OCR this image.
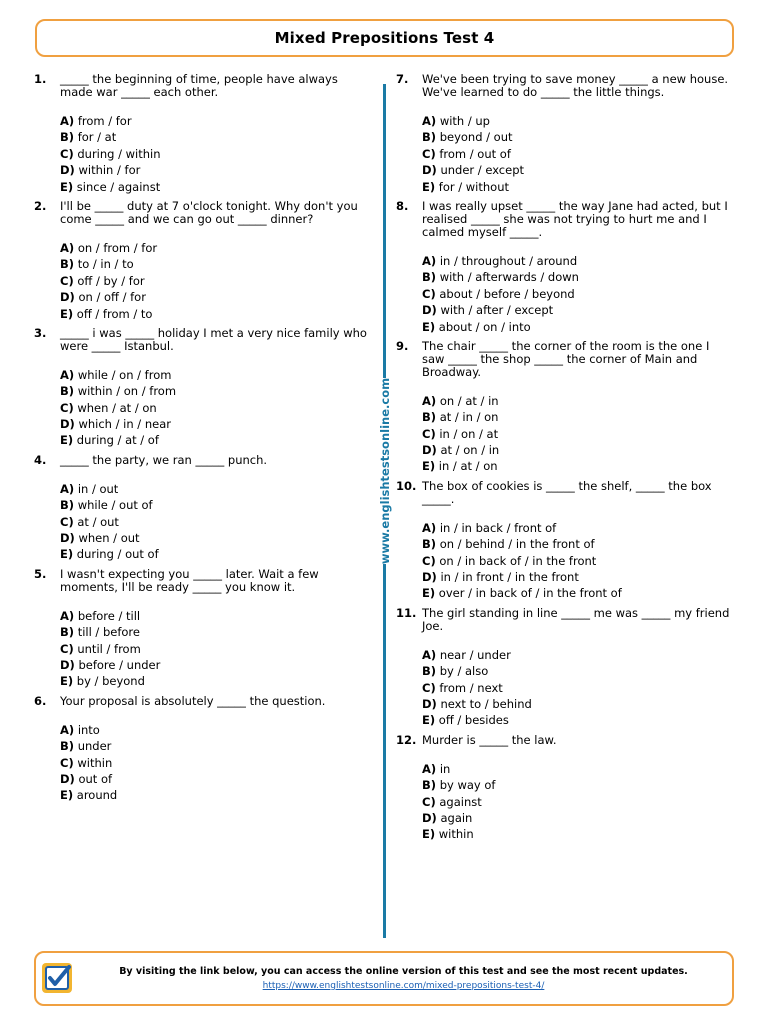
Mixed Prepositions Test 4
1.	_____ the beginning of time, people have always
made war _____ each other.
A) from / for
B) for / at
C) during / within
D) within / for
E) since / against
2.	I'll be _____ duty at 7 o'clock tonight. Why don't you
come _____ and we can go out _____ dinner?
A) on / from / for
B) to / in / to
C) off / by / for
D) on / off / for
E) off / from / to
3.	_____ i was _____ holiday I met a very nice family who
were _____ Istanbul.
A) while / on / from
B) within / on / from
C) when / at / on
D) which / in / near
E) during / at / of
4.	_____ the party, we ran _____ punch.
A) in / out
B) while / out of
C) at / out
D) when / out
E) during / out of
5.	I wasn't expecting you _____ later. Wait a few
moments, I'll be ready _____ you know it.
A) before / till
B) till / before
C) until / from
D) before / under
E) by / beyond
6.	Your proposal is absolutely _____ the question.
A) into
B) under
C) within
D) out of
E) around
7.	We've been trying to save money _____ a new house.
We've learned to do _____ the little things.
A) with / up
B) beyond / out
C) from / out of
D) under / except
E) for / without
8.	I was really upset _____ the way Jane had acted, but I
realised _____ she was not trying to hurt me and I
calmed myself _____.
A) in / throughout / around
B) with / afterwards / down
C) about / before / beyond
D) with / after / except
E) about / on / into
9.	The chair _____ the corner of the room is the one I
saw _____ the shop _____ the corner of Main and
Broadway.
A) on / at / in
B) at / in / on
C) in / on / at
D) at / on / in
E) in / at / on
10. The box of cookies is _____ the shelf, _____ the box
_____.
A) in / in back / front of
B) on / behind / in the front of
C) on / in back of / in the front
D) in / in front / in the front
E) over / in back of / in the front of
11. The girl standing in line _____ me was _____ my friend
Joe.
A) near / under
B) by / also
C) from / next
D) next to / behind
E) off / besides
12. Murder is _____ the law.
A) in
B) by way of
C) against
D) again
E) within
www.englishtestsonline.com
By visiting the link below, you can access the online version of this test and see the most recent updates.
https://www.englishtestsonline.com/mixed-prepositions-test-4/
